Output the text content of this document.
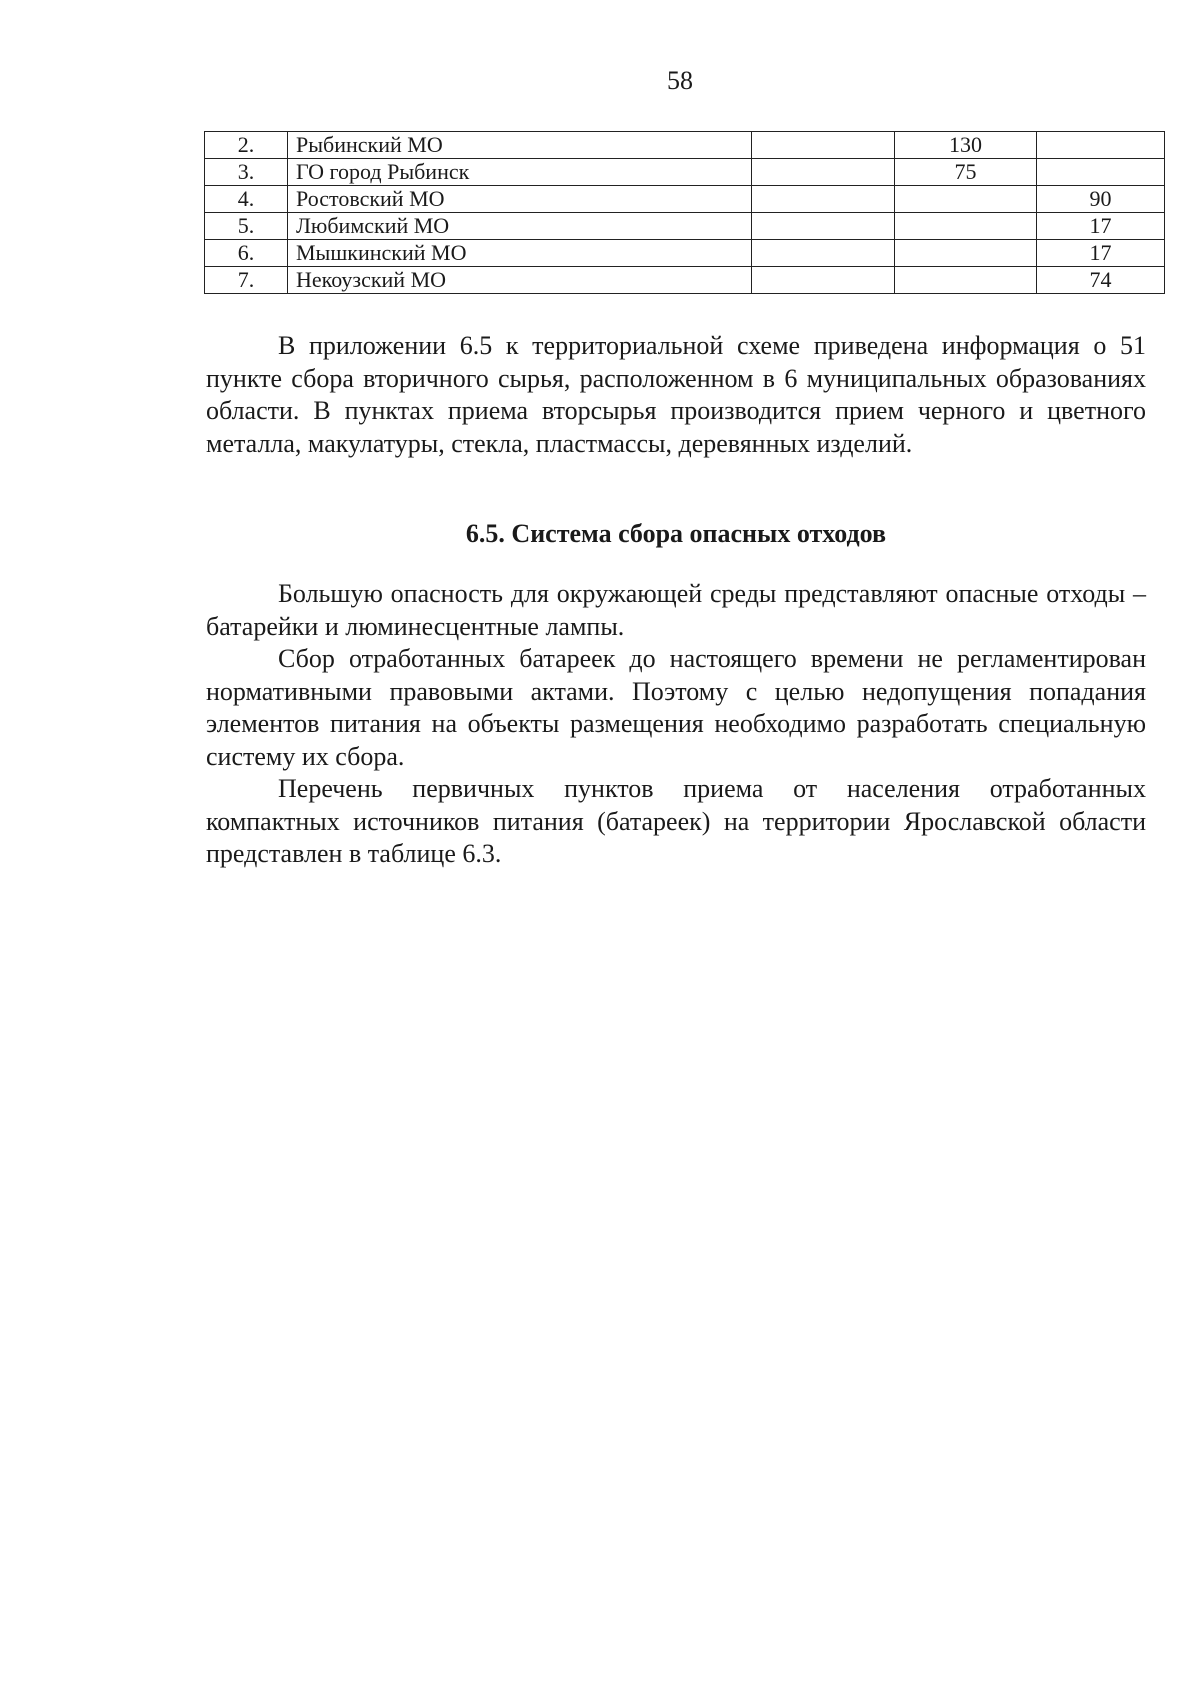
58
2.	Рыбинский МО		130	
3.	ГО город Рыбинск		75	
4.	Ростовский МО			90
5.	Любимский МО			17
6.	Мышкинский МО			17
7.	Некоузский МО			74

В приложении 6.5 к территориальной схеме приведена информация о 51 пункте сбора вторичного сырья, расположенном в 6 муниципальных образованиях области. В пунктах приема вторсырья производится прием черного и цветного металла, макулатуры, стекла, пластмассы, деревянных изделий.

6.5. Система сбора опасных отходов

Большую опасность для окружающей среды представляют опасные отходы – батарейки и люминесцентные лампы.

Сбор отработанных батареек до настоящего времени не регламентирован нормативными правовыми актами. Поэтому с целью недопущения попадания элементов питания на объекты размещения необходимо разработать специальную систему их сбора.

Перечень первичных пунктов приема от населения отработанных компактных источников питания (батареек) на территории Ярославской области представлен в таблице 6.3.
